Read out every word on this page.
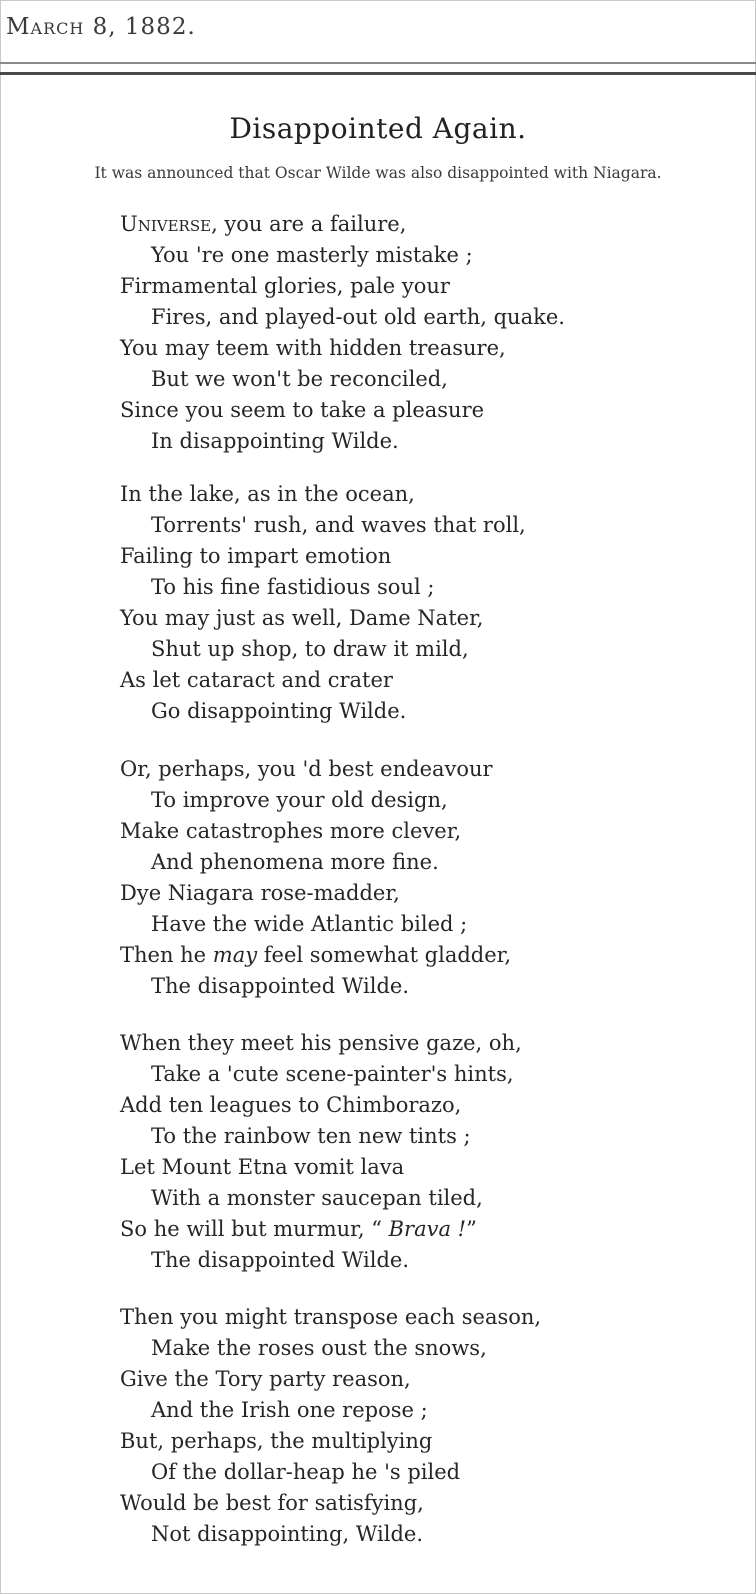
March 8, 1882.
Disappointed Again.
It was announced that Oscar Wilde was also disappointed with Niagara.
Universe, you are a failure,
You 're one masterly mistake ;
Firmamental glories, pale your
Fires, and played-out old earth, quake.
You may teem with hidden treasure,
But we won't be reconciled,
Since you seem to take a pleasure
In disappointing Wilde.
In the lake, as in the ocean,
Torrents' rush, and waves that roll,
Failing to impart emotion
To his fine fastidious soul ;
You may just as well, Dame Nater,
Shut up shop, to draw it mild,
As let cataract and crater
Go disappointing Wilde.
Or, perhaps, you 'd best endeavour
To improve your old design,
Make catastrophes more clever,
And phenomena more fine.
Dye Niagara rose-madder,
Have the wide Atlantic biled ;
Then he may feel somewhat gladder,
The disappointed Wilde.
When they meet his pensive gaze, oh,
Take a 'cute scene-painter's hints,
Add ten leagues to Chimborazo,
To the rainbow ten new tints ;
Let Mount Etna vomit lava
With a monster saucepan tiled,
So he will but murmur, “ Brava !”
The disappointed Wilde.
Then you might transpose each season,
Make the roses oust the snows,
Give the Tory party reason,
And the Irish one repose ;
But, perhaps, the multiplying
Of the dollar-heap he 's piled
Would be best for satisfying,
Not disappointing, Wilde.
